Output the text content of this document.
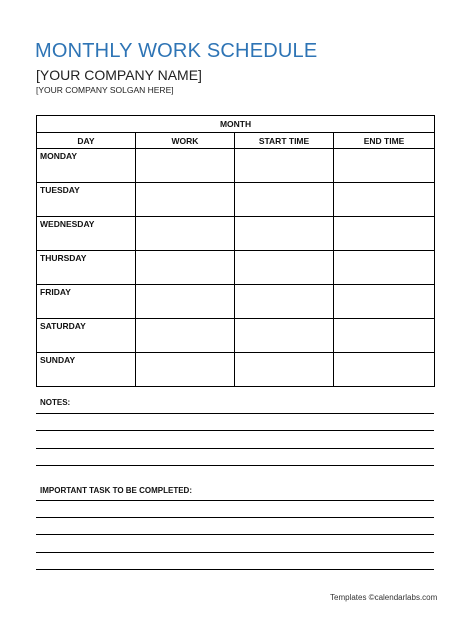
MONTHLY WORK SCHEDULE
[YOUR COMPANY NAME]
[YOUR COMPANY SOLGAN HERE]
MONTH			
DAY	WORK	START TIME	END TIME
MONDAY			
TUESDAY			
WEDNESDAY			
THURSDAY			
FRIDAY			
SATURDAY			
SUNDAY			
NOTES:
IMPORTANT TASK TO BE COMPLETED:
Templates ©calendarlabs.com
